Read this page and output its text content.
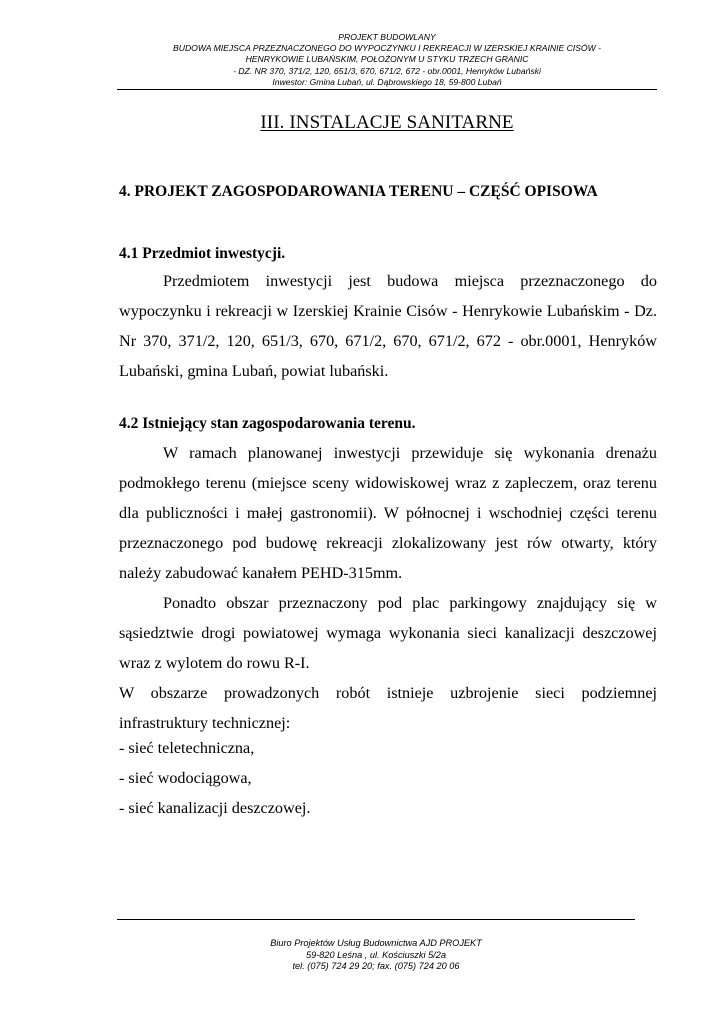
PROJEKT BUDOWLANY
BUDOWA MIEJSCA PRZEZNACZONEGO DO WYPOCZYNKU I REKREACJI W IZERSKIEJ KRAINIE CISÓW -
HENRYKOWIE LUBAŃSKIM, POŁOŻONYM U STYKU TRZECH GRANIC
- DZ. NR 370, 371/2, 120, 651/3, 670, 671/2, 672 - obr.0001, Henryków Lubański
Inwestor: Gmina Lubań, ul. Dąbrowskiego 18, 59-800 Lubań
III. INSTALACJE SANITARNE
4. PROJEKT ZAGOSPODAROWANIA TERENU – CZĘŚĆ OPISOWA
4.1 Przedmiot inwestycji.

Przedmiotem inwestycji jest budowa miejsca przeznaczonego do wypoczynku i rekreacji w Izerskiej Krainie Cisów - Henrykowie Lubańskim - Dz. Nr 370, 371/2, 120, 651/3, 670, 671/2, 670, 671/2, 672 - obr.0001, Henryków Lubański, gmina Lubań, powiat lubański.

4.2 Istniejący stan zagospodarowania terenu.

W ramach planowanej inwestycji przewiduje się wykonania drenażu podmokłego terenu (miejsce sceny widowiskowej wraz z zapleczem, oraz terenu dla publiczności i małej gastronomii). W północnej i wschodniej części terenu przeznaczonego pod budowę rekreacji zlokalizowany jest rów otwarty, który należy zabudować kanałem PEHD-315mm.

Ponadto obszar przeznaczony pod plac parkingowy znajdujący się w sąsiedztwie drogi powiatowej wymaga wykonania sieci kanalizacji deszczowej wraz z wylotem do rowu R-I.

W obszarze prowadzonych robót istnieje uzbrojenie sieci podziemnej infrastruktury technicznej:

- sieć teletechniczna,
- sieć wodociągowa,
- sieć kanalizacji deszczowej.
Biuro Projektów Usług Budownictwa AJD PROJEKT
59-820 Leśna , ul. Kościuszki 5/2a
tel. (075) 724 29 20; fax. (075) 724 20 06
